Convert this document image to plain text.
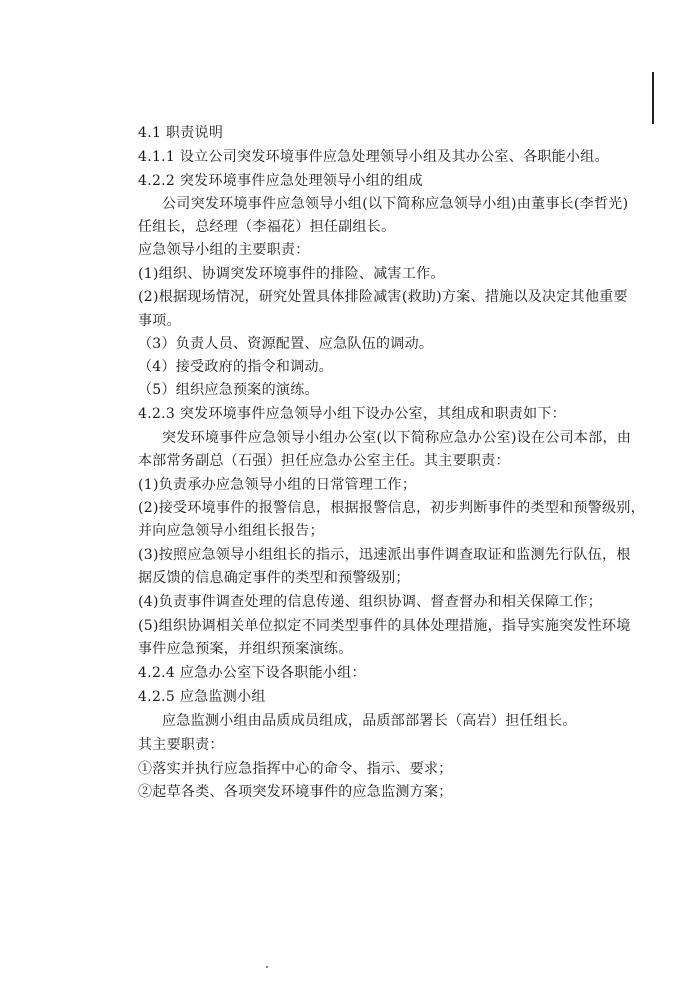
4.1 职责说明
4.1.1 设立公司突发环境事件应急处理领导小组及其办公室、各职能小组。
4.2.2 突发环境事件应急处理领导小组的组成
公司突发环境事件应急领导小组(以下简称应急领导小组)由董事长(李哲光)
任组长，总经理（李福花）担任副组长。
应急领导小组的主要职责：
(1)组织、协调突发环境事件的排险、减害工作。
(2)根据现场情况，研究处置具体排险减害(救助)方案、措施以及决定其他重要
事项。
（3）负责人员、资源配置、应急队伍的调动。
（4）接受政府的指令和调动。
（5）组织应急预案的演练。
4.2.3 突发环境事件应急领导小组下设办公室，其组成和职责如下：
突发环境事件应急领导小组办公室(以下简称应急办公室)设在公司本部，由
本部常务副总（石强）担任应急办公室主任。其主要职责：
(1)负责承办应急领导小组的日常管理工作；
(2)接受环境事件的报警信息，根据报警信息，初步判断事件的类型和预警级别，
并向应急领导小组组长报告；
(3)按照应急领导小组组长的指示，迅速派出事件调查取证和监测先行队伍，根
据反馈的信息确定事件的类型和预警级别；
(4)负责事件调查处理的信息传递、组织协调、督查督办和相关保障工作；
(5)组织协调相关单位拟定不同类型事件的具体处理措施，指导实施突发性环境
事件应急预案，并组织预案演练。
4.2.4 应急办公室下设各职能小组：
4.2.5 应急监测小组
应急监测小组由品质成员组成，品质部部署长（高岩）担任组长。
其主要职责：
①落实并执行应急指挥中心的命令、指示、要求；
②起草各类、各项突发环境事件的应急监测方案；
